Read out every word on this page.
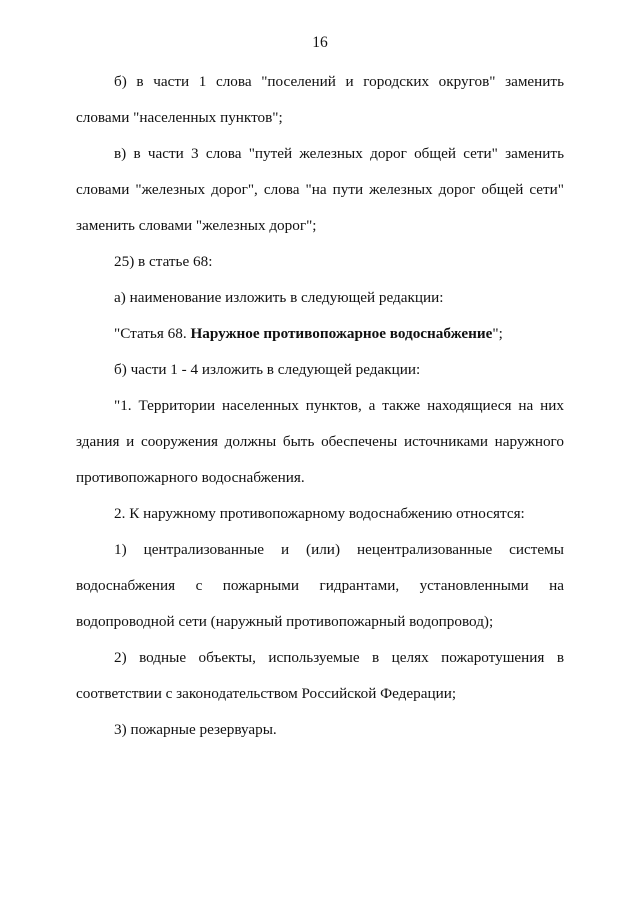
16

б) в части 1 слова "поселений и городских округов" заменить

словами "населенных пунктов";

в) в части 3 слова "путей железных дорог общей сети" заменить

словами "железных дорог", слова "на пути железных дорог общей сети"

заменить словами "железных дорог";

25) в статье 68:

а) наименование изложить в следующей редакции:

"Статья 68. Наружное противопожарное водоснабжение";

б) части 1 - 4 изложить в следующей редакции:

"1. Территории населенных пунктов, а также находящиеся на них

здания и сооружения должны быть обеспечены источниками наружного

противопожарного водоснабжения.

2. К наружному противопожарному водоснабжению относятся:

1) централизованные и (или) нецентрализованные системы

водоснабжения с пожарными гидрантами, установленными на

водопроводной сети (наружный противопожарный водопровод);

2) водные объекты, используемые в целях пожаротушения в

соответствии с законодательством Российской Федерации;

3) пожарные резервуары.
